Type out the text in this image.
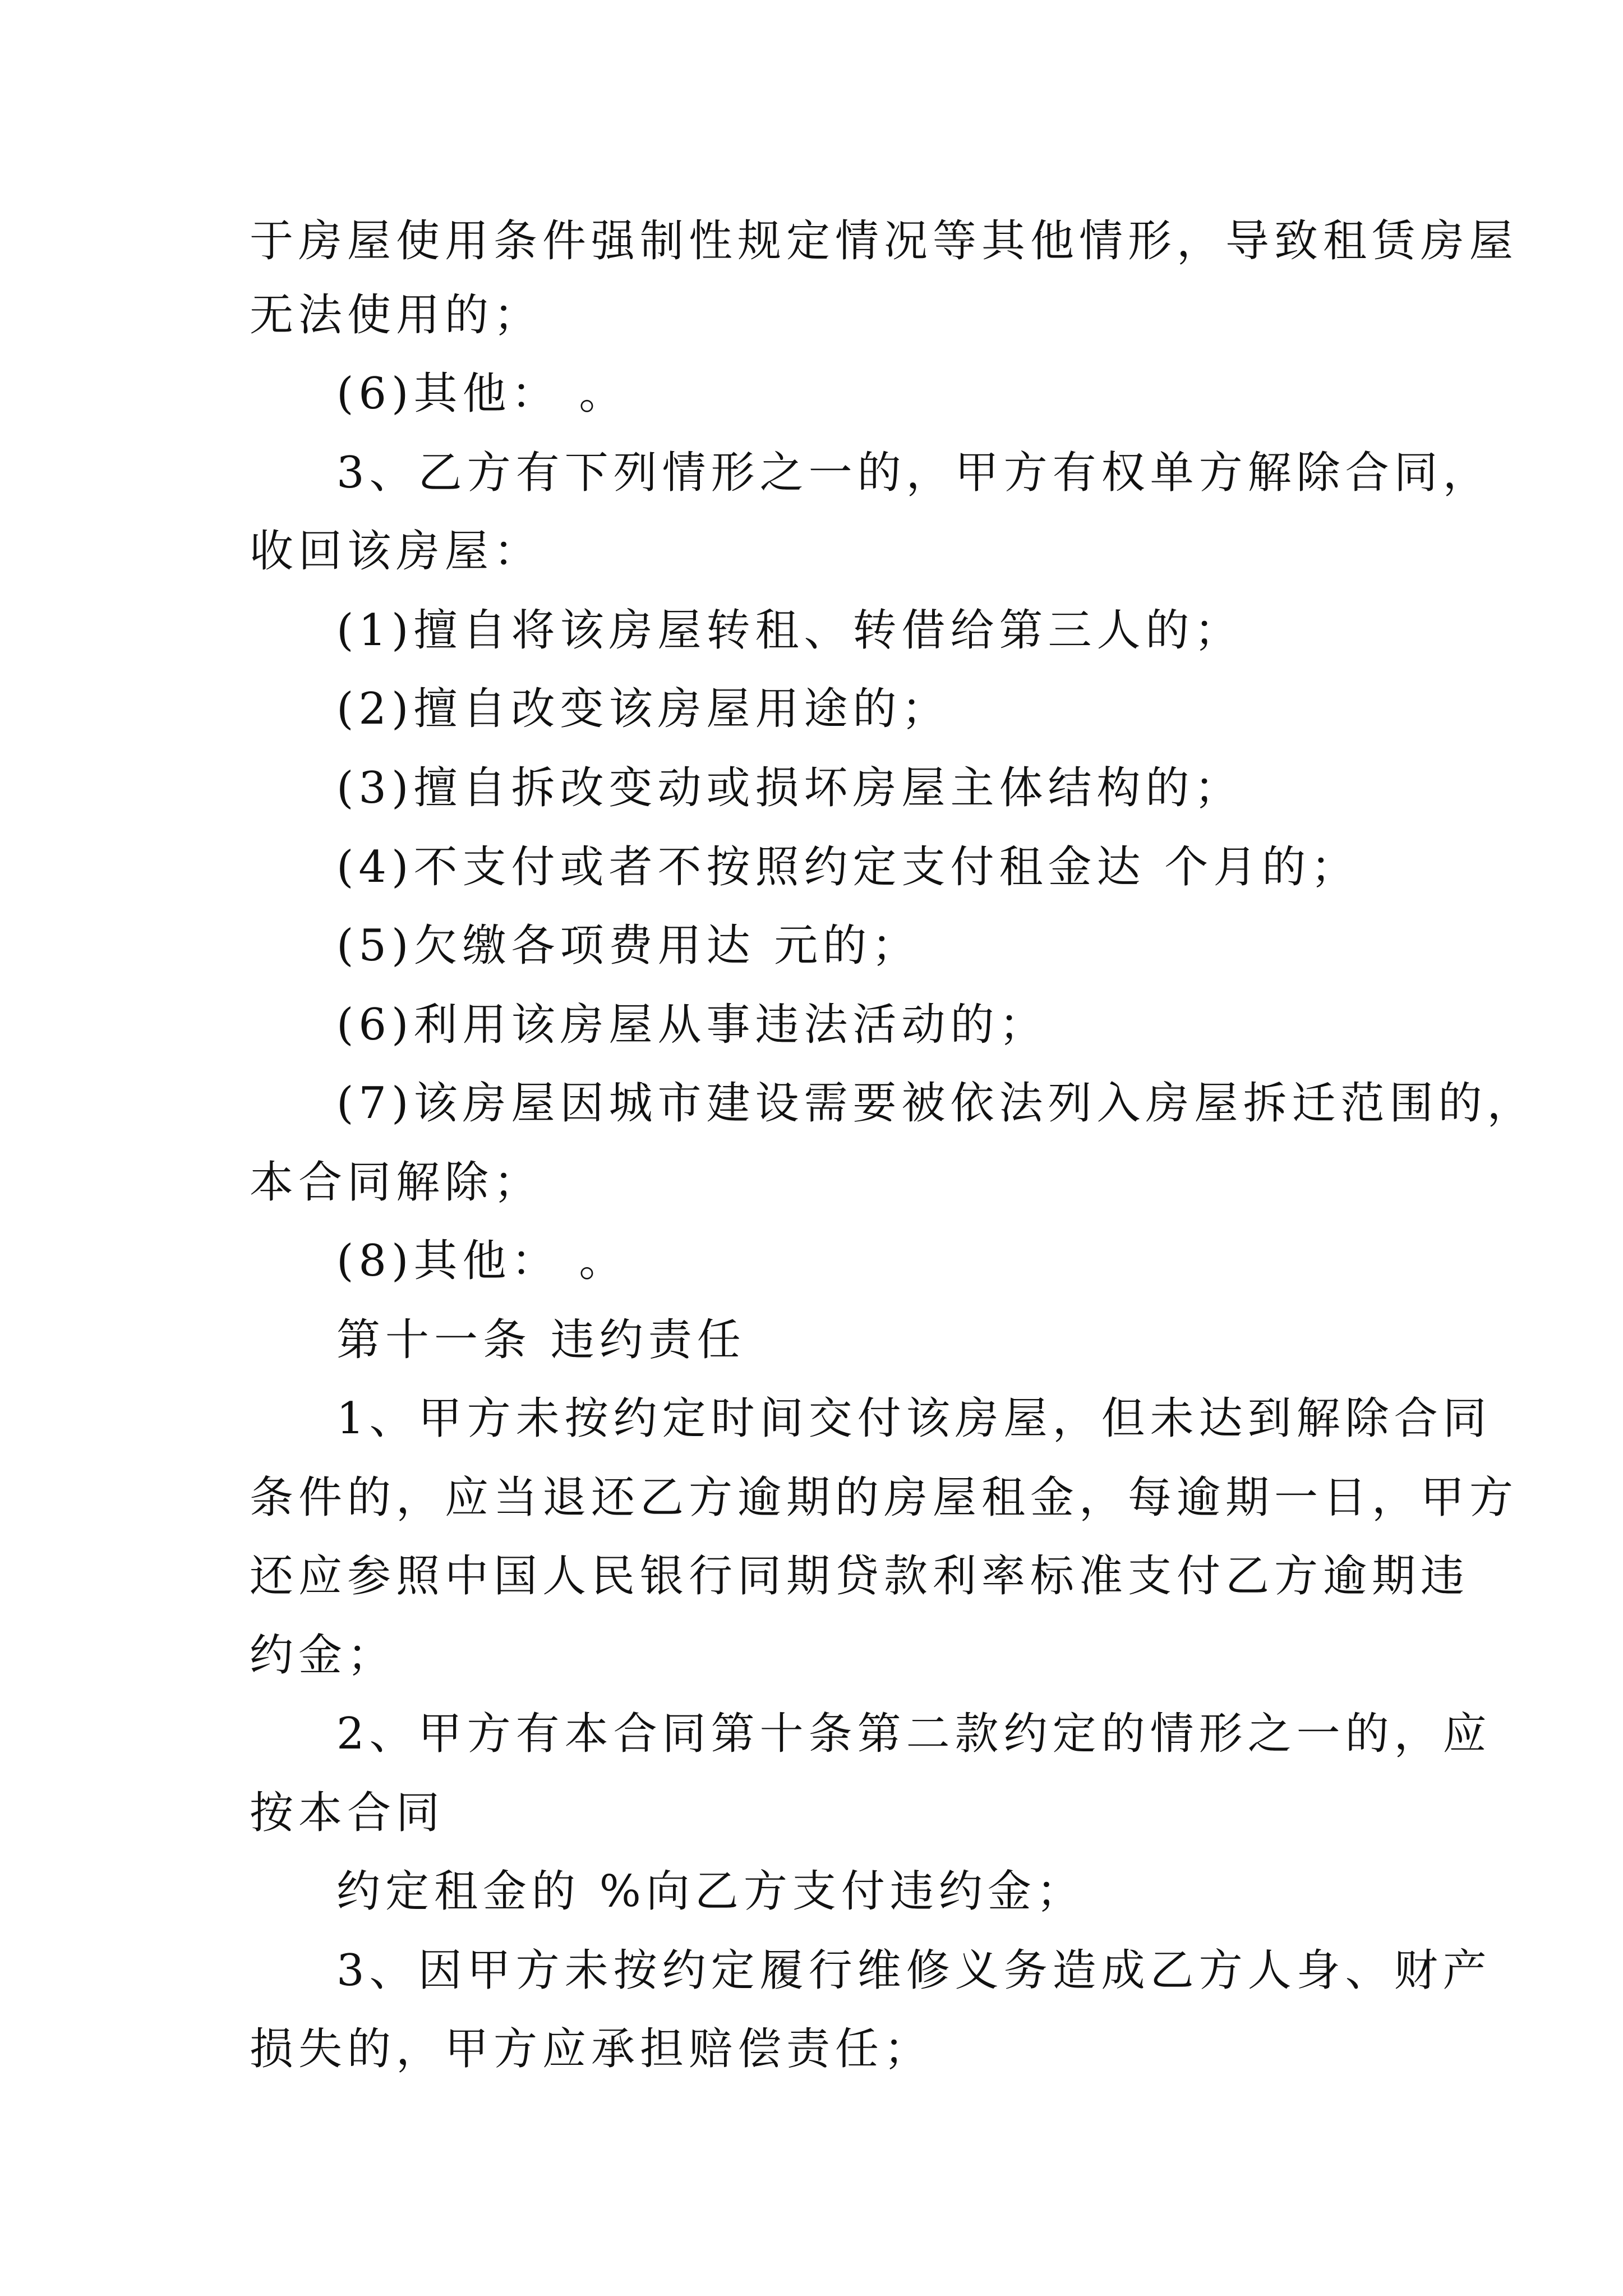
于房屋使用条件强制性规定情况等其他情形，导致租赁房屋
无法使用的；
(6)其他： 。
3、乙方有下列情形之一的，甲方有权单方解除合同，
收回该房屋：
(1)擅自将该房屋转租、转借给第三人的；
(2)擅自改变该房屋用途的；
(3)擅自拆改变动或损坏房屋主体结构的；
(4)不支付或者不按照约定支付租金达 个月的；
(5)欠缴各项费用达 元的；
(6)利用该房屋从事违法活动的；
(7)该房屋因城市建设需要被依法列入房屋拆迁范围的，
本合同解除；
(8)其他： 。
第十一条 违约责任
1、甲方未按约定时间交付该房屋，但未达到解除合同
条件的，应当退还乙方逾期的房屋租金，每逾期一日，甲方
还应参照中国人民银行同期贷款利率标准支付乙方逾期违
约金；
2、甲方有本合同第十条第二款约定的情形之一的，应
按本合同
约定租金的 %向乙方支付违约金；
3、因甲方未按约定履行维修义务造成乙方人身、财产
损失的，甲方应承担赔偿责任；
